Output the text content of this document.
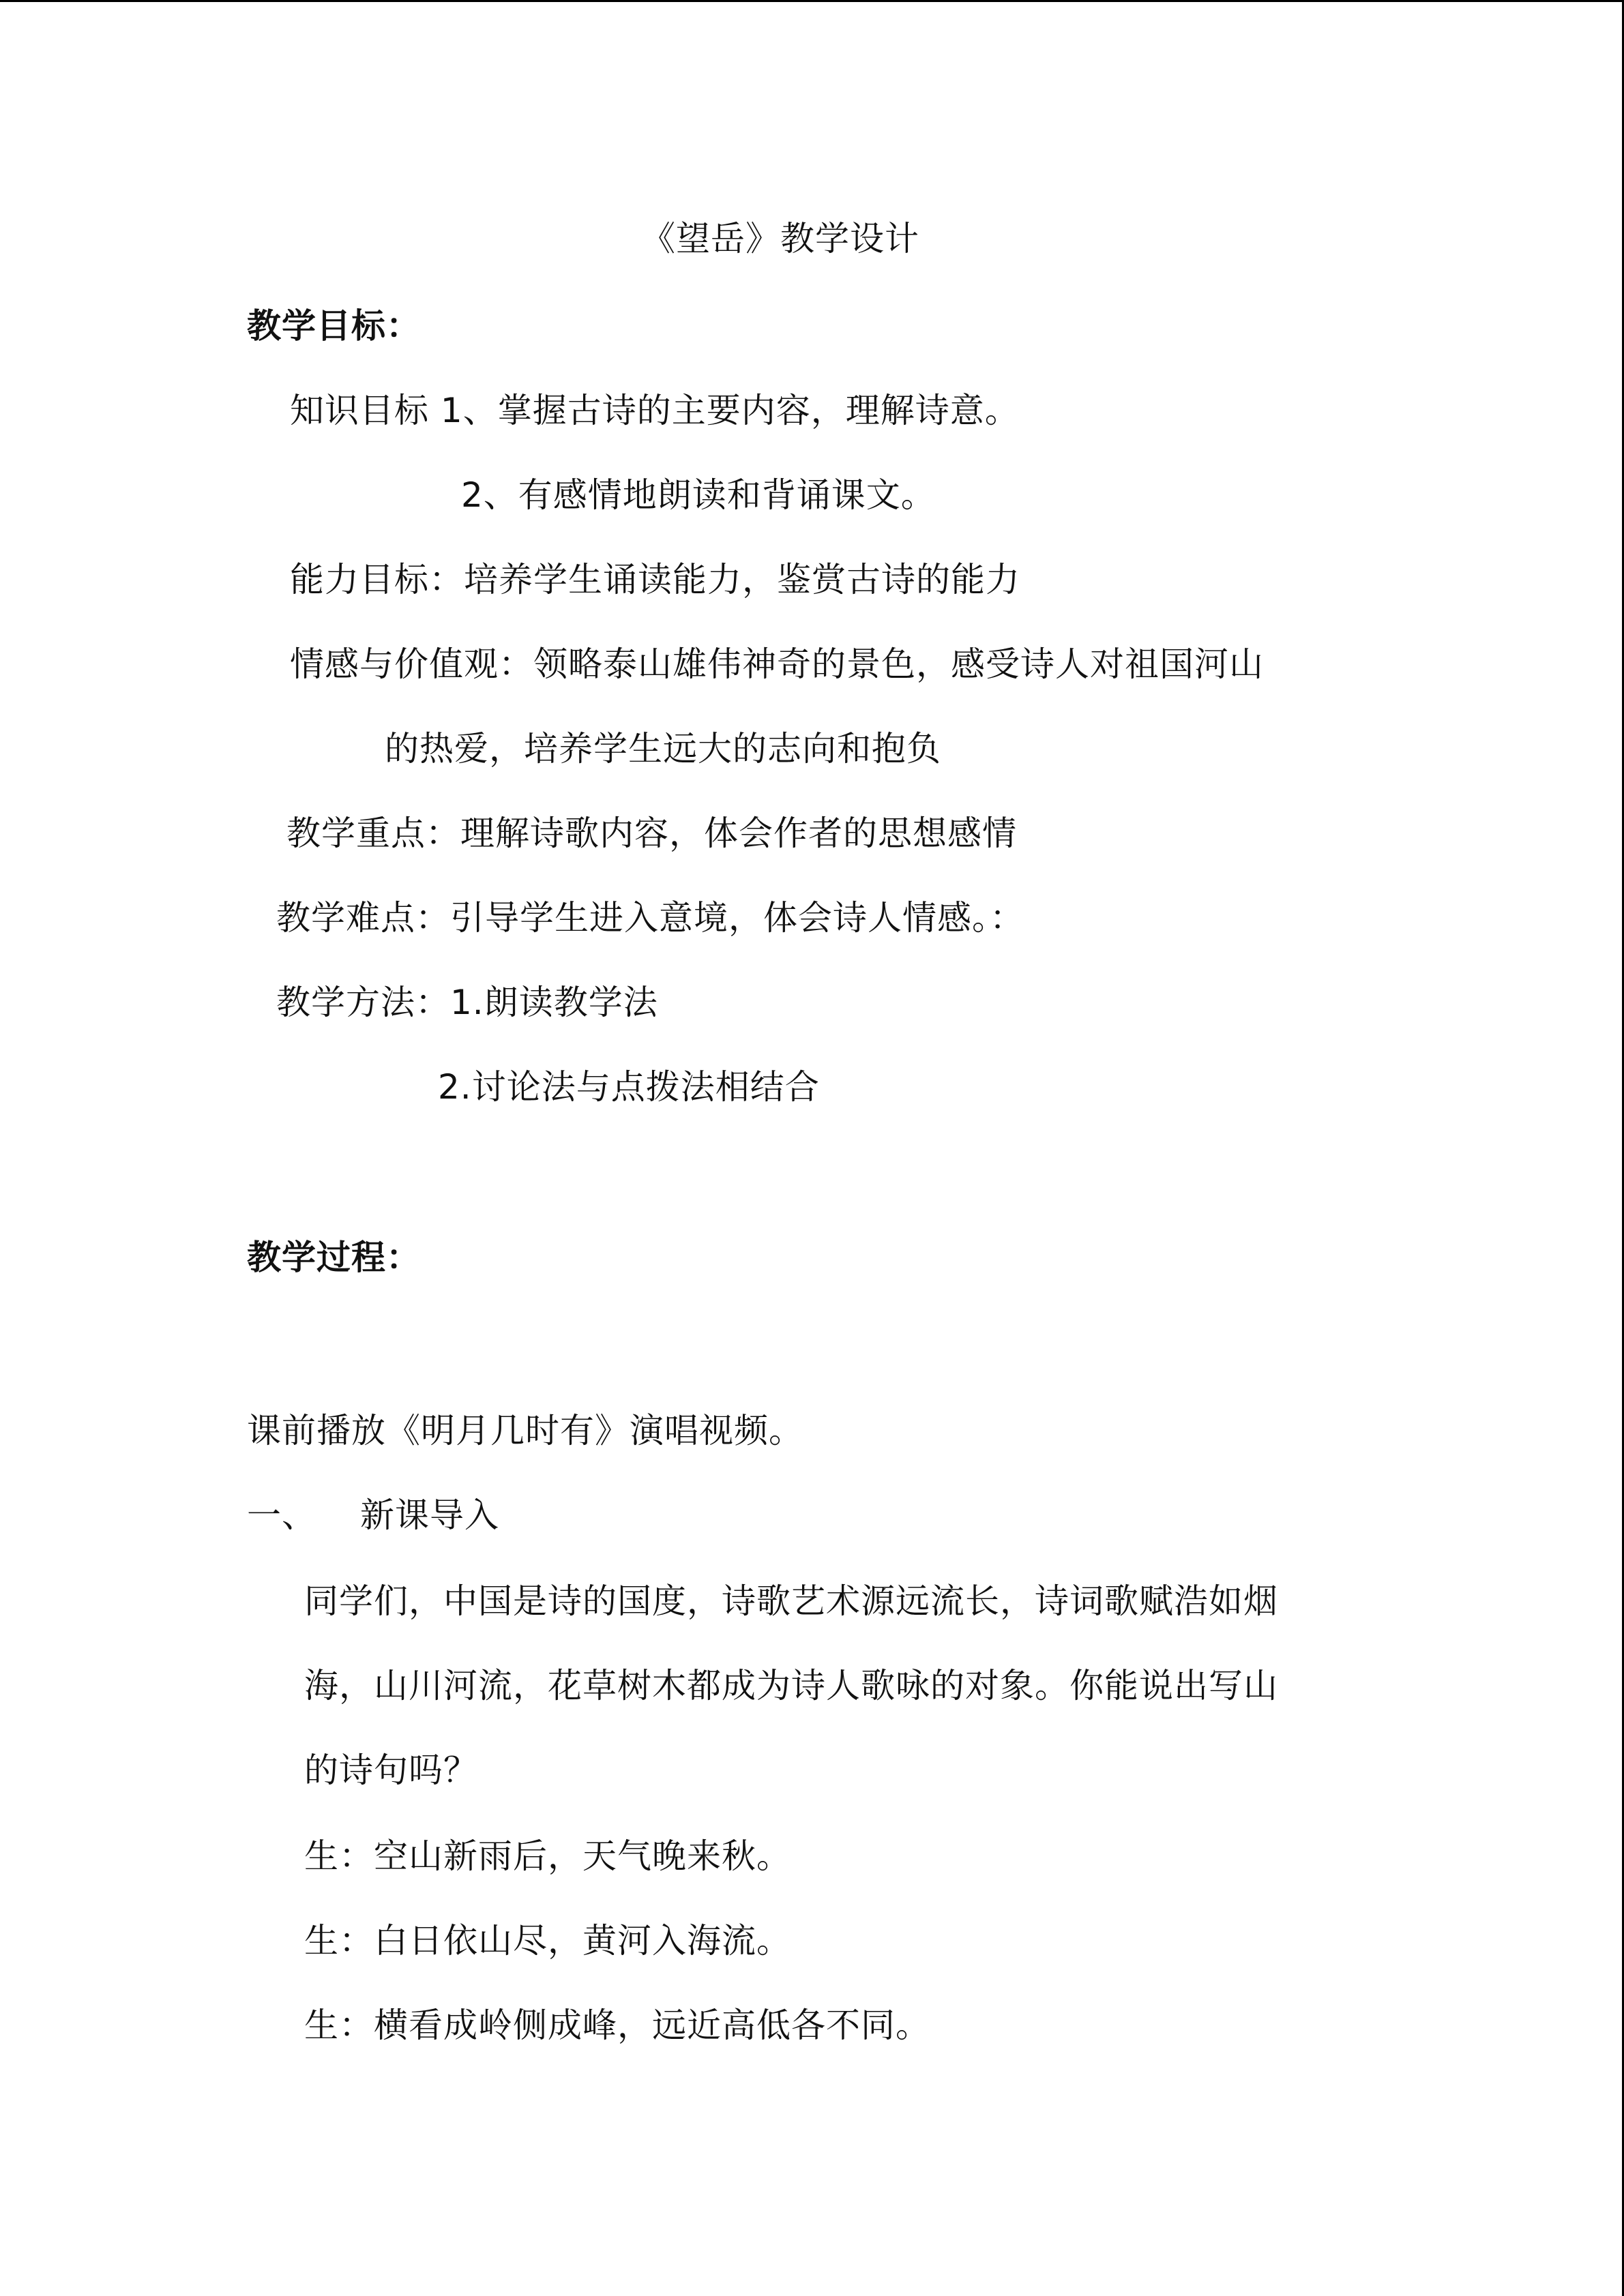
《望岳》教学设计
教学目标：
知识目标 1、掌握古诗的主要内容，理解诗意。
2、有感情地朗读和背诵课文。
能力目标：培养学生诵读能力，鉴赏古诗的能力
情感与价值观：领略泰山雄伟神奇的景色，感受诗人对祖国河山
的热爱，培养学生远大的志向和抱负
教学重点：理解诗歌内容，体会作者的思想感情
教学难点：引导学生进入意境，体会诗人情感。：
教学方法：1.朗读教学法
2.讨论法与点拨法相结合
教学过程：
课前播放《明月几时有》演唱视频。
一、 新课导入
同学们，中国是诗的国度，诗歌艺术源远流长，诗词歌赋浩如烟
海，山川河流，花草树木都成为诗人歌咏的对象。你能说出写山
的诗句吗？
生：空山新雨后，天气晚来秋。
生：白日依山尽，黄河入海流。
生：横看成岭侧成峰，远近高低各不同。
